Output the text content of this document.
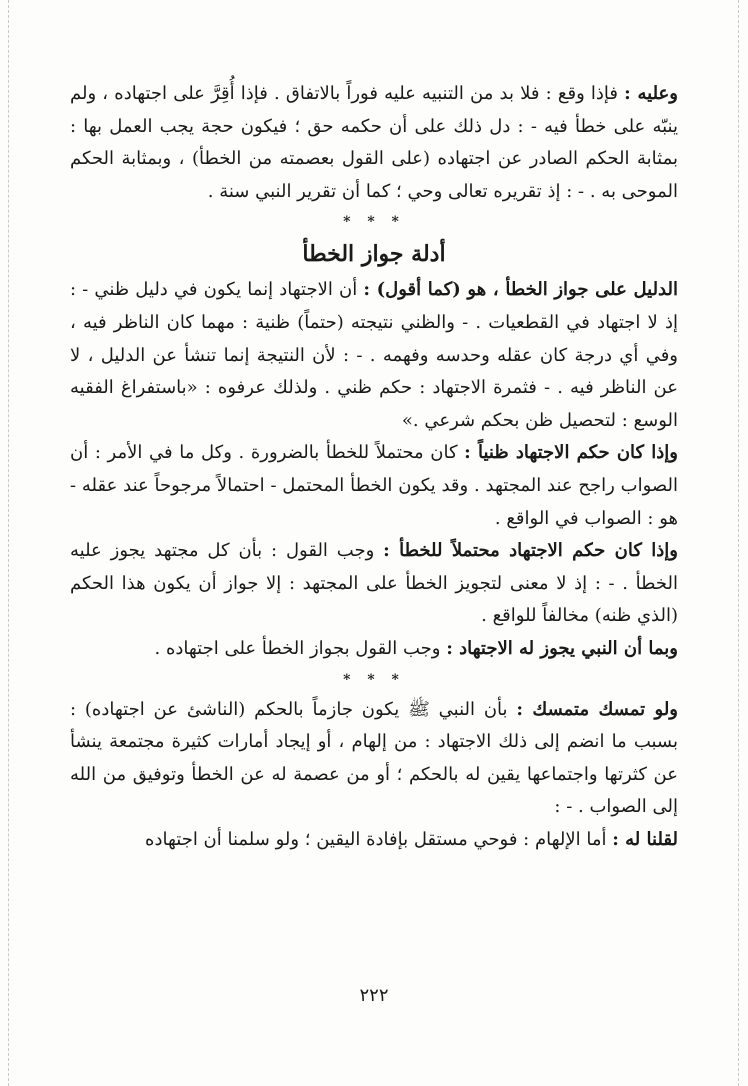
وعليه : فإذا وقع : فلا بد من التنبيه عليه فوراً بالاتفاق . فإذا أُقِرَّ على اجتهاده ، ولم ينبّه على خطأ فيه - : دل ذلك على أن حكمه حق ؛ فيكون حجة يجب العمل بها : بمثابة الحكم الصادر عن اجتهاده (على القول بعصمته من الخطأ) ، وبمثابة الحكم الموحى به . - : إذ تقريره تعالى وحي ؛ كما أن تقرير النبي سنة .

* * *

أدلة جواز الخطأ

الدليل على جواز الخطأ ، هو (كما أقول) : أن الاجتهاد إنما يكون في دليل ظني - : إذ لا اجتهاد في القطعيات . - والظني نتيجته (حتماً) ظنية : مهما كان الناظر فيه ، وفي أي درجة كان عقله وحدسه وفهمه . - : لأن النتيجة إنما تنشأ عن الدليل ، لا عن الناظر فيه . - فثمرة الاجتهاد : حكم ظني . ولذلك عرفوه : «باستفراغ الفقيه الوسع : لتحصيل ظن بحكم شرعي .»

وإذا كان حكم الاجتهاد ظنياً : كان محتملاً للخطأ بالضرورة . وكل ما في الأمر : أن الصواب راجح عند المجتهد . وقد يكون الخطأ المحتمل - احتمالاً مرجوحاً عند عقله - هو : الصواب في الواقع .

وإذا كان حكم الاجتهاد محتملاً للخطأ : وجب القول : بأن كل مجتهد يجوز عليه الخطأ . - : إذ لا معنى لتجويز الخطأ على المجتهد : إلا جواز أن يكون هذا الحكم (الذي ظنه) مخالفاً للواقع .

وبما أن النبي يجوز له الاجتهاد : وجب القول بجواز الخطأ على اجتهاده .

* * *

ولو تمسك متمسك : بأن النبي ﷺ يكون جازماً بالحكم (الناشئ عن اجتهاده) : بسبب ما انضم إلى ذلك الاجتهاد : من إلهام ، أو إيجاد أمارات كثيرة مجتمعة ينشأ عن كثرتها واجتماعها يقين له بالحكم ؛ أو من عصمة له عن الخطأ وتوفيق من الله إلى الصواب . - :

لقلنا له : أما الإلهام : فوحي مستقل بإفادة اليقين ؛ ولو سلمنا أن اجتهاده

٢٢٢
